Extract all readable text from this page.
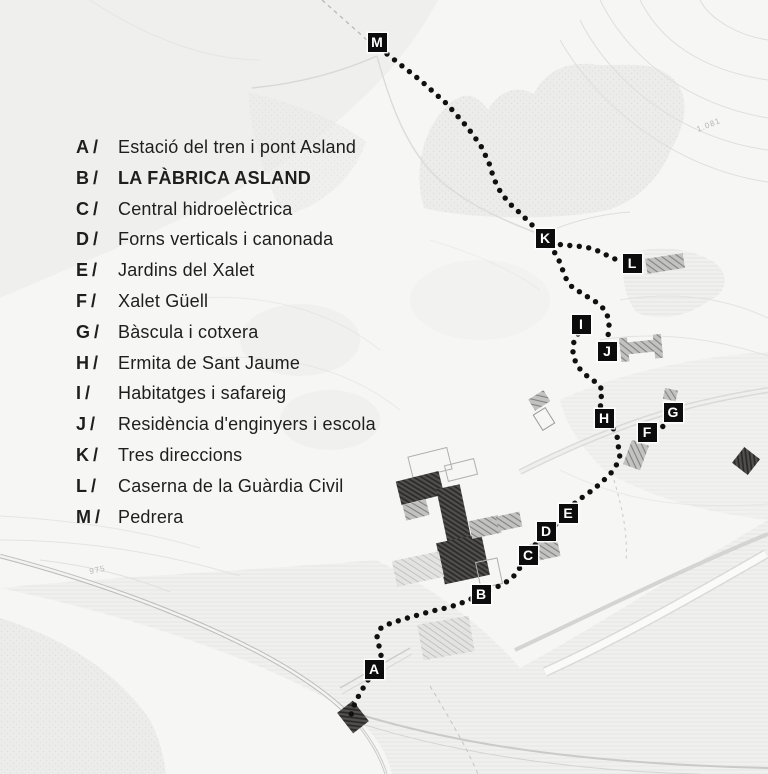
975
1.081
A / Estació del tren i pont Asland
B / LA FÀBRICA ASLAND
C / Central hidroelèctrica
D / Forns verticals i canonada
E / Jardins del Xalet
F / Xalet Güell
G / Bàscula i cotxera
H / Ermita de Sant Jaume
I / Habitatges i safareig
J / Residència d'enginyers i escola
K / Tres direccions
L / Caserna de la Guàrdia Civil
M / Pedrera
A
B
C
D
E
F
G
H
I
J
K
L
M
